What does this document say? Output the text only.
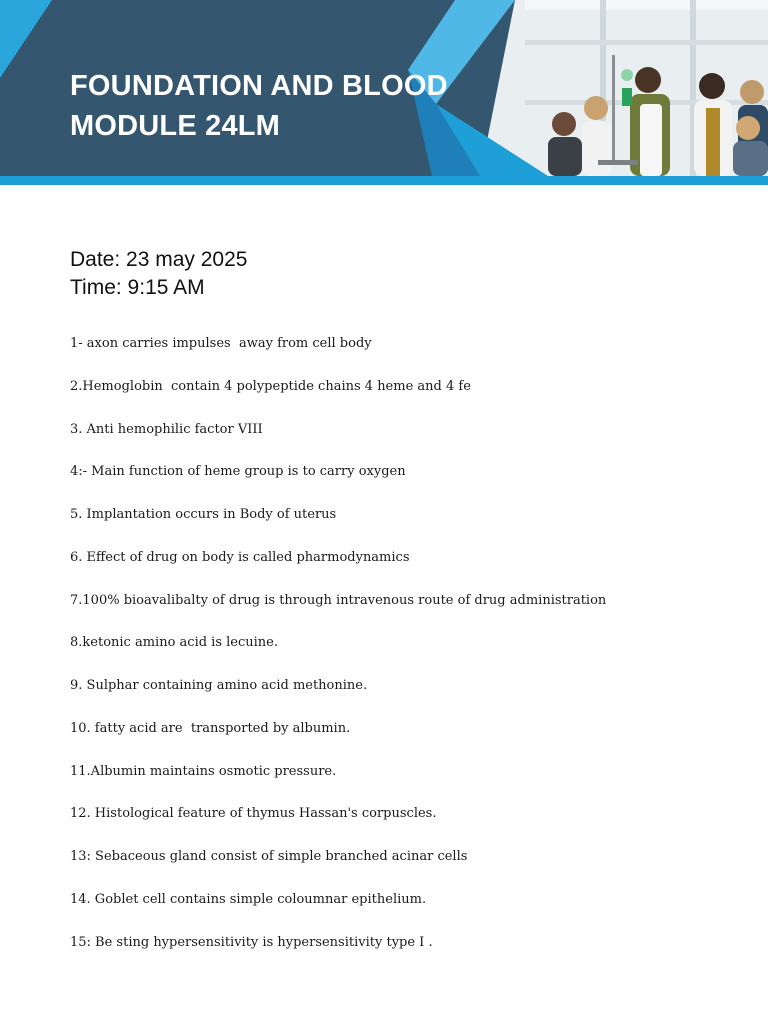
FOUNDATION AND BLOOD
MODULE 24LM
Date: 23 may 2025
Time: 9:15 AM
1- axon carries impulses  away from cell body
2.Hemoglobin  contain 4 polypeptide chains 4 heme and 4 fe
3. Anti hemophilic factor VIII
4:- Main function of heme group is to carry oxygen
5. Implantation occurs in Body of uterus
6. Effect of drug on body is called pharmodynamics
7.100% bioavalibalty of drug is through intravenous route of drug administration
8.ketonic amino acid is lecuine.
9. Sulphar containing amino acid methonine.
10. fatty acid are  transported by albumin.
11.Albumin maintains osmotic pressure.
12. Histological feature of thymus Hassan's corpuscles.
13: Sebaceous gland consist of simple branched acinar cells
14. Goblet cell contains simple coloumnar epithelium.
15: Be sting hypersensitivity is hypersensitivity type I .
